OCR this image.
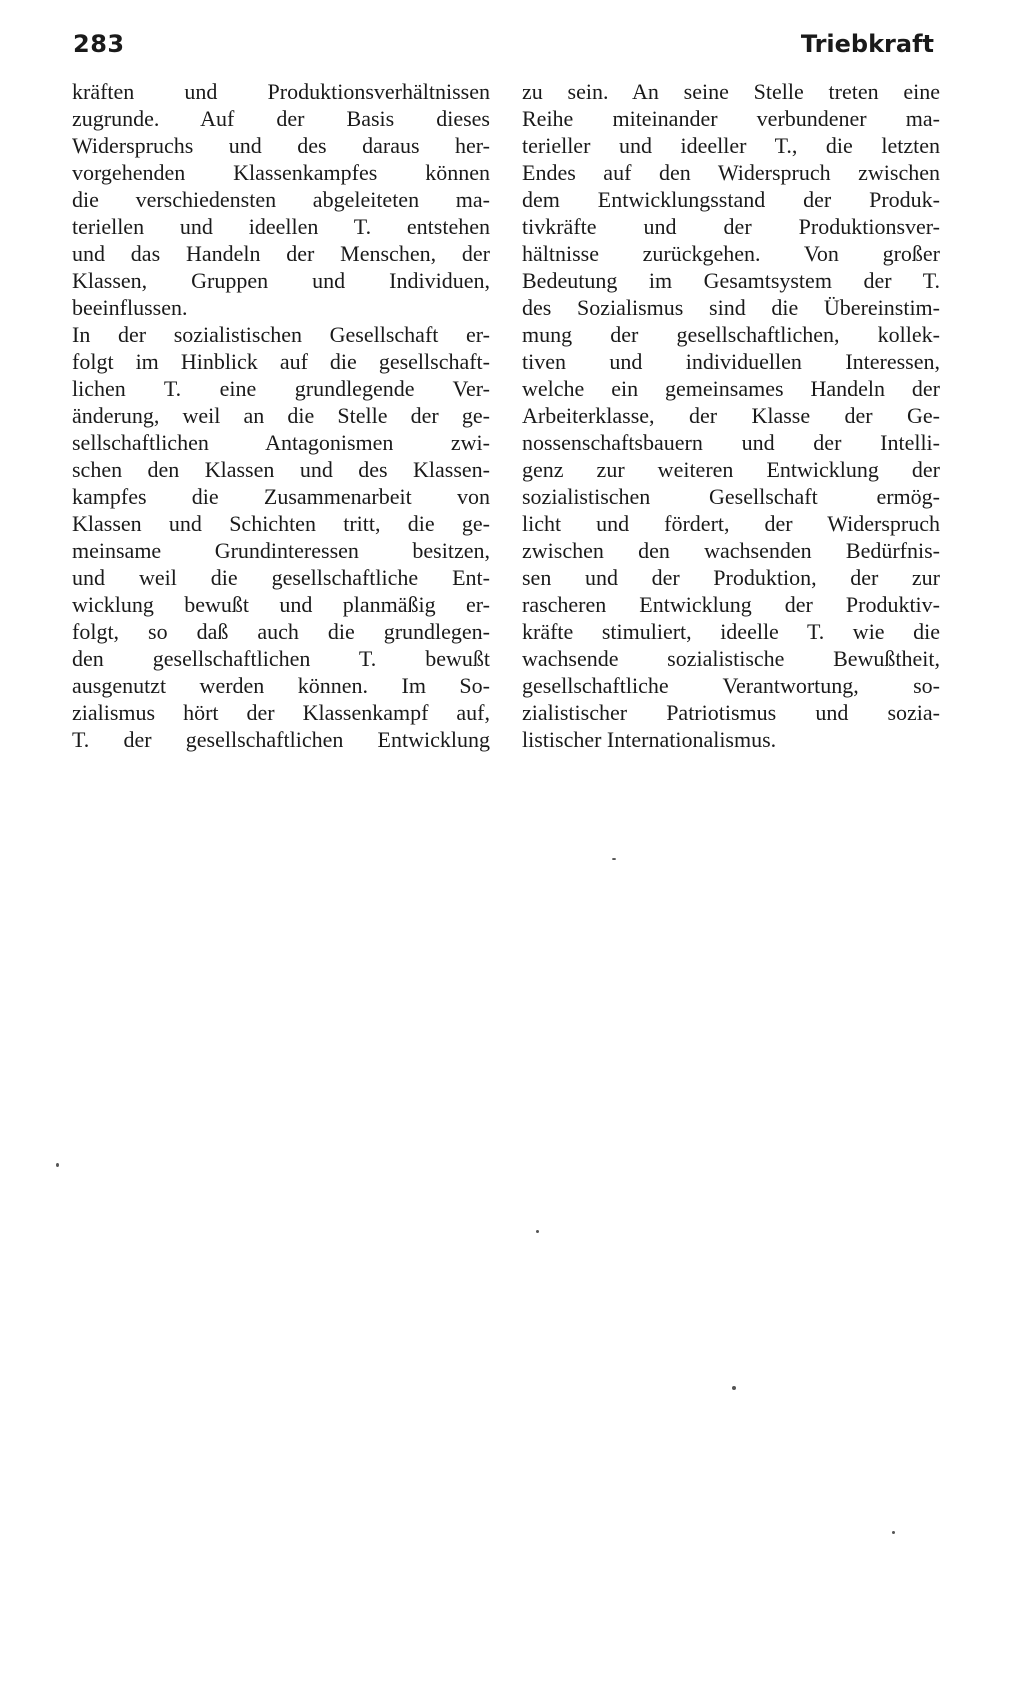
283	Triebkraft
kräften und Produktionsverhältnissen
zugrunde. Auf der Basis dieses
Widerspruchs und des daraus her-
vorgehenden Klassenkampfes können
die verschiedensten abgeleiteten ma-
teriellen und ideellen T. entstehen
und das Handeln der Menschen, der
Klassen, Gruppen und Individuen,
beeinflussen.
In der sozialistischen Gesellschaft er-
folgt im Hinblick auf die gesellschaft-
lichen T. eine grundlegende Ver-
änderung, weil an die Stelle der ge-
sellschaftlichen Antagonismen zwi-
schen den Klassen und des Klassen-
kampfes die Zusammenarbeit von
Klassen und Schichten tritt, die ge-
meinsame Grundinteressen besitzen,
und weil die gesellschaftliche Ent-
wicklung bewußt und planmäßig er-
folgt, so daß auch die grundlegen-
den gesellschaftlichen T. bewußt
ausgenutzt werden können. Im So-
zialismus hört der Klassenkampf auf,
T. der gesellschaftlichen Entwicklung
zu sein. An seine Stelle treten eine
Reihe miteinander verbundener ma-
terieller und ideeller T., die letzten
Endes auf den Widerspruch zwischen
dem Entwicklungsstand der Produk-
tivkräfte und der Produktionsver-
hältnisse zurückgehen. Von großer
Bedeutung im Gesamtsystem der T.
des Sozialismus sind die Übereinstim-
mung der gesellschaftlichen, kollek-
tiven und individuellen Interessen,
welche ein gemeinsames Handeln der
Arbeiterklasse, der Klasse der Ge-
nossenschaftsbauern und der Intelli-
genz zur weiteren Entwicklung der
sozialistischen Gesellschaft ermög-
licht und fördert, der Widerspruch
zwischen den wachsenden Bedürfnis-
sen und der Produktion, der zur
rascheren Entwicklung der Produktiv-
kräfte stimuliert, ideelle T. wie die
wachsende sozialistische Bewußtheit,
gesellschaftliche Verantwortung, so-
zialistischer Patriotismus und sozia-
listischer Internationalismus.
